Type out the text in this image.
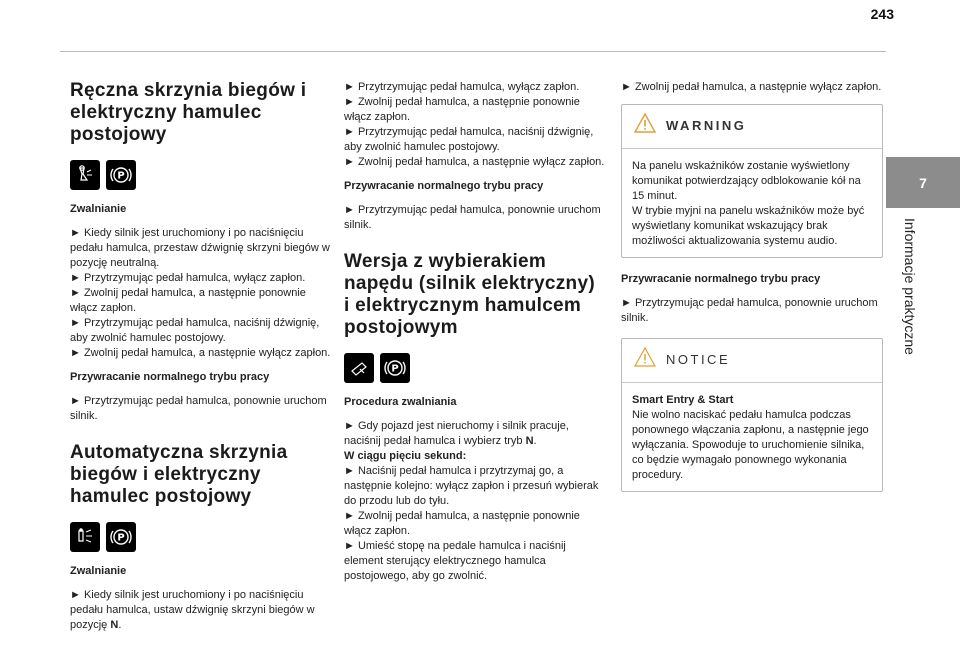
243
7
Informacje praktyczne
Ręczna skrzynia biegów i elektryczny hamulec postojowy
P
Zwalnianie

► Kiedy silnik jest uruchomiony i po naciśnięciu pedału hamulca, przestaw dźwignię skrzyni biegów w pozycję neutralną.
► Przytrzymując pedał hamulca, wyłącz zapłon.
► Zwolnij pedał hamulca, a następnie ponownie włącz zapłon.
► Przytrzymując pedał hamulca, naciśnij dźwignię, aby zwolnić hamulec postojowy.
► Zwolnij pedał hamulca, a następnie wyłącz zapłon.

Przywracanie normalnego trybu pracy

► Przytrzymując pedał hamulca, ponownie uruchom silnik.

Automatyczna skrzynia biegów i elektryczny hamulec postojowy
P
Zwalnianie

► Kiedy silnik jest uruchomiony i po naciśnięciu pedału hamulca, ustaw dźwignię skrzyni biegów w pozycję N.

► Przytrzymując pedał hamulca, wyłącz zapłon.
► Zwolnij pedał hamulca, a następnie ponownie włącz zapłon.
► Przytrzymując pedał hamulca, naciśnij dźwignię, aby zwolnić hamulec postojowy.
► Zwolnij pedał hamulca, a następnie wyłącz zapłon.

Przywracanie normalnego trybu pracy

► Przytrzymując pedał hamulca, ponownie uruchom silnik.

Wersja z wybierakiem napędu (silnik elektryczny) i elektrycznym hamulcem postojowym
P
Procedura zwalniania

► Gdy pojazd jest nieruchomy i silnik pracuje, naciśnij pedał hamulca i wybierz tryb N.
W ciągu pięciu sekund:
► Naciśnij pedał hamulca i przytrzymaj go, a następnie kolejno: wyłącz zapłon i przesuń wybierak do przodu lub do tyłu.
► Zwolnij pedał hamulca, a następnie ponownie włącz zapłon.
► Umieść stopę na pedale hamulca i naciśnij element sterujący elektrycznego hamulca postojowego, aby go zwolnić.

► Zwolnij pedał hamulca, a następnie wyłącz zapłon.

WARNING

Na panelu wskaźników zostanie wyświetlony komunikat potwierdzający odblokowanie kół na 15 minut.
W trybie myjni na panelu wskaźników może być wyświetlany komunikat wskazujący brak możliwości aktualizowania systemu audio.

Przywracanie normalnego trybu pracy

► Przytrzymując pedał hamulca, ponownie uruchom silnik.

NOTICE

Smart Entry & Start
Nie wolno naciskać pedału hamulca podczas ponownego włączania zapłonu, a następnie jego wyłączania. Spowoduje to uruchomienie silnika, co będzie wymagało ponownego wykonania procedury.
